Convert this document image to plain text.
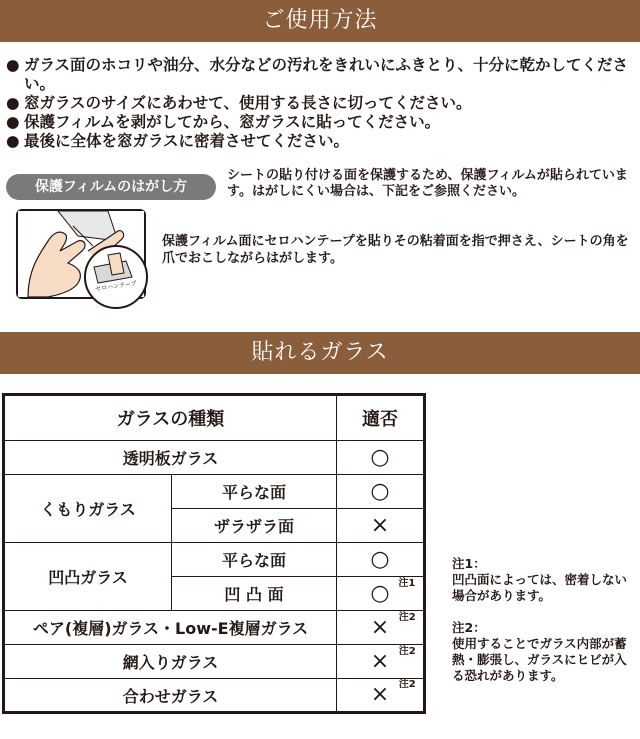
ご使用方法
● ガラス面のホコリや油分、水分などの汚れをきれいにふきとり、十分に乾かしてください。
● 窓ガラスのサイズにあわせて、使用する長さに切ってください。
● 保護フィルムを剥がしてから、窓ガラスに貼ってください。
● 最後に全体を窓ガラスに密着させてください。
保護フィルムのはがし方
シートの貼り付ける面を保護するため、保護フィルムが貼られています。はがしにくい場合は、下記をご参照ください。
セロハンテープ
保護フィルム面にセロハンテープを貼りその粘着面を指で押さえ、シートの角を爪でおこしながらはがします。
貼れるガラス
ガラスの種類		適否
透明板ガラス		○
くもりガラス	平らな面	○
	ザラザラ面	×
凹凸ガラス	平らな面	○
	凹 凸 面	○ 注1

ペア(複層)ガラス・Low-E複層ガラス		× 注2

網入りガラス		× 注2

合わせガラス		× 注2
注1：
凹凸面によっては、密着しない場合があります。
注2：
使用することでガラス内部が蓄熱・膨張し、ガラスにヒビが入る恐れがあります。
